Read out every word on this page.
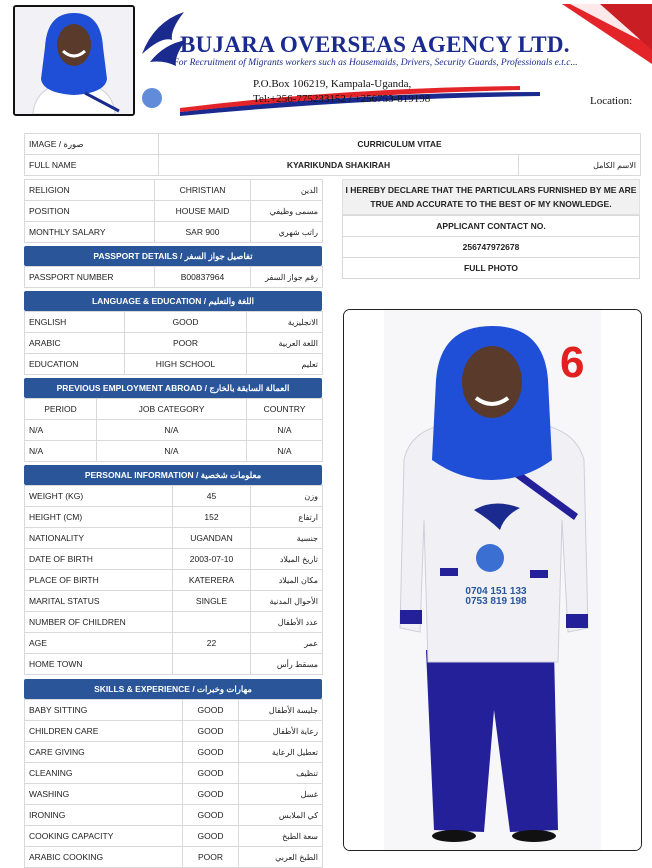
BUJARA OVERSEAS AGENCY LTD.
For Recruitment of Migrants workers such as Housemaids, Drivers, Security Guards, Professionals e.t.c...
P.O.Box 106219, Kampala-Uganda,
Tel:+256-775233152 / +256753-819198	Location:
IMAGE / صورة	CURRICULUM VITAE	
FULL NAME	KYARIKUNDA SHAKIRAH	الاسم الكامل
RELIGION	CHRISTIAN	الدين
POSITION	HOUSE MAID	مسمى وظيفي
MONTHLY SALARY	SAR 900	راتب شهري
I HEREBY DECLARE THAT THE PARTICULARS FURNISHED BY ME ARE TRUE AND ACCURATE TO THE BEST OF MY KNOWLEDGE.
APPLICANT CONTACT NO.
256747972678
FULL PHOTO
PASSPORT DETAILS / تفاصيل جواز السفر
PASSPORT NUMBER	B00837964	رقم جواز السفر
LANGUAGE & EDUCATION / اللغة والتعليم
ENGLISH	GOOD	الانجليزية
ARABIC	POOR	اللغة العربية
EDUCATION	HIGH SCHOOL	تعليم
PREVIOUS EMPLOYMENT ABROAD / العمالة السابقة بالخارج
PERIOD	JOB CATEGORY	COUNTRY
N/A	N/A	N/A
N/A	N/A	N/A
PERSONAL INFORMATION / معلومات شخصية
WEIGHT (KG)	45	وزن
HEIGHT (CM)	152	ارتفاع
NATIONALITY	UGANDAN	جنسية
DATE OF BIRTH	2003-07-10	تاريخ الميلاد
PLACE OF BIRTH	KATERERA	مكان الميلاد
MARITAL STATUS	SINGLE	الأحوال المدنية
NUMBER OF CHILDREN		عدد الأطفال
AGE	22	عمر
HOME TOWN		مسقط رأس
SKILLS & EXPERIENCE / مهارات وخبرات
BABY SITTING	GOOD	جليسة الأطفال
CHILDREN CARE	GOOD	رعاية الأطفال
CARE GIVING	GOOD	تعطيل الرعاية
CLEANING	GOOD	تنظيف
WASHING	GOOD	غسل
IRONING	GOOD	كي الملابس
COOKING CAPACITY	GOOD	سعة الطبخ
ARABIC COOKING	POOR	الطبخ العربي
0704 151 133
0753 819 198
6
